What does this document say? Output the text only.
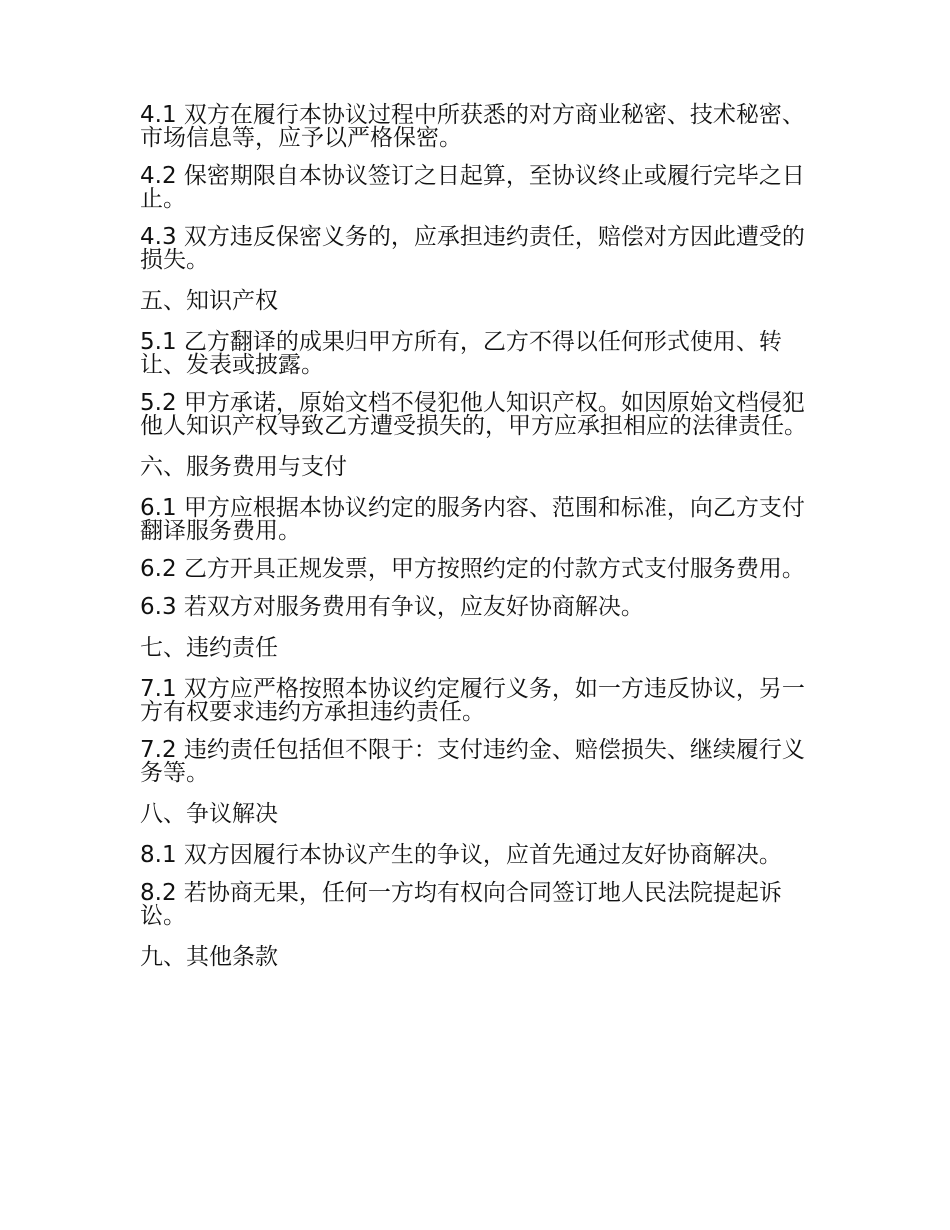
4.1 双方在履行本协议过程中所获悉的对方商业秘密、技术秘密、市场信息等，应予以严格保密。

4.2 保密期限自本协议签订之日起算，至协议终止或履行完毕之日止。

4.3 双方违反保密义务的，应承担违约责任，赔偿对方因此遭受的损失。

五、知识产权

5.1 乙方翻译的成果归甲方所有，乙方不得以任何形式使用、转让、发表或披露。

5.2 甲方承诺，原始文档不侵犯他人知识产权。如因原始文档侵犯他人知识产权导致乙方遭受损失的，甲方应承担相应的法律责任。

六、服务费用与支付

6.1 甲方应根据本协议约定的服务内容、范围和标准，向乙方支付翻译服务费用。

6.2 乙方开具正规发票，甲方按照约定的付款方式支付服务费用。

6.3 若双方对服务费用有争议，应友好协商解决。

七、违约责任

7.1 双方应严格按照本协议约定履行义务，如一方违反协议，另一方有权要求违约方承担违约责任。

7.2 违约责任包括但不限于：支付违约金、赔偿损失、继续履行义务等。

八、争议解决

8.1 双方因履行本协议产生的争议，应首先通过友好协商解决。

8.2 若协商无果，任何一方均有权向合同签订地人民法院提起诉讼。

九、其他条款
